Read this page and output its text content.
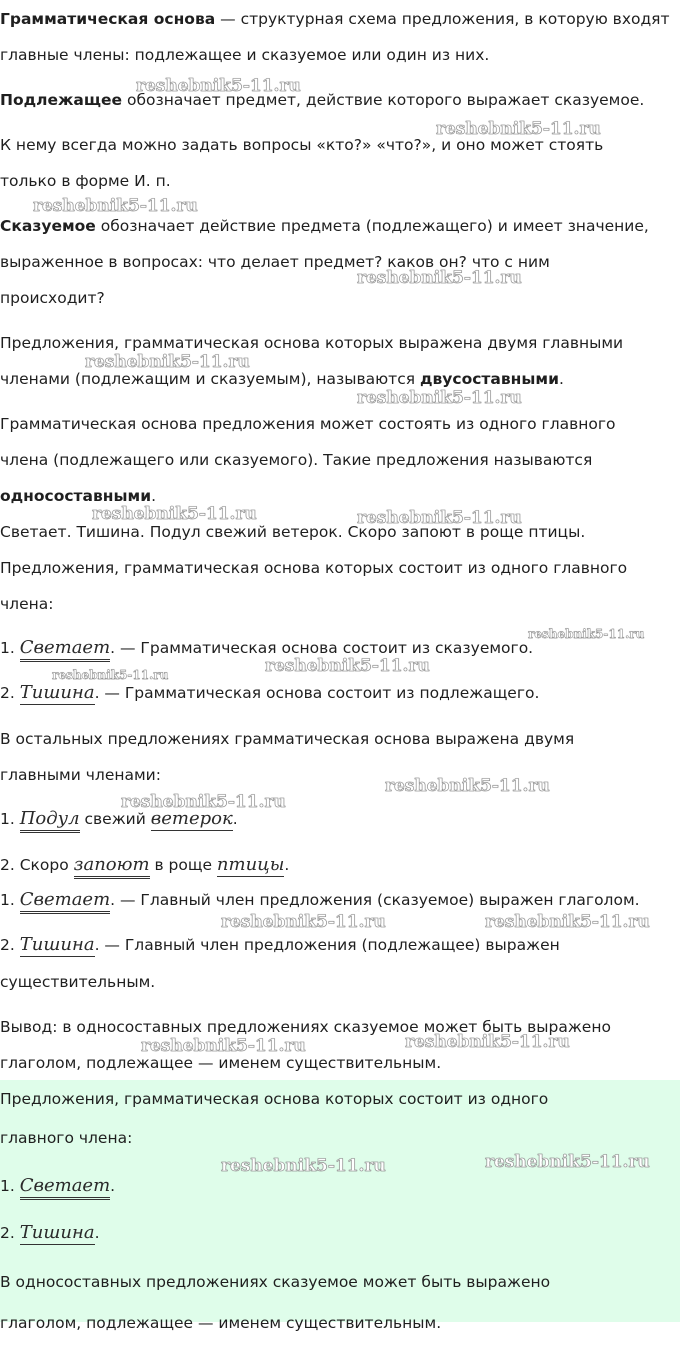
Грамматическая основа — структурная схема предложения, в которую входят
главные члены: подлежащее и сказуемое или один из них.
Подлежащее обозначает предмет, действие которого выражает сказуемое.
К нему всегда можно задать вопросы «кто?» «что?», и оно может стоять
только в форме И. п.
Сказуемое обозначает действие предмета (подлежащего) и имеет значение,
выраженное в вопросах: что делает предмет? каков он? что с ним
происходит?
Предложения, грамматическая основа которых выражена двумя главными
членами (подлежащим и сказуемым), называются двусоставными.
Грамматическая основа предложения может состоять из одного главного
члена (подлежащего или сказуемого). Такие предложения называются
односоставными.
Светает. Тишина. Подул свежий ветерок. Скоро запоют в роще птицы.
Предложения, грамматическая основа которых состоит из одного главного
члена:
1. Светает. — Грамматическая основа состоит из сказуемого.
2. Тишина. — Грамматическая основа состоит из подлежащего.
В остальных предложениях грамматическая основа выражена двумя
главными членами:
1. Подул свежий ветерок.
2. Скоро запоют в роще птицы.
1. Светает. — Главный член предложения (сказуемое) выражен глаголом.
2. Тишина. — Главный член предложения (подлежащее) выражен
существительным.
Вывод: в односоставных предложениях сказуемое может быть выражено
глаголом, подлежащее — именем существительным.
Предложения, грамматическая основа которых состоит из одного
главного члена:
1. Светает.
2. Тишина.
В односоставных предложениях сказуемое может быть выражено
глаголом, подлежащее — именем существительным.
reshebnik5-11.ru
reshebnik5-11.ru
reshebnik5-11.ru
reshebnik5-11.ru
reshebnik5-11.ru
reshebnik5-11.ru
reshebnik5-11.ru	reshebnik5-11.ru
reshebnik5-11.ru
reshebnik5-11.ru
reshebnik5-11.ru
reshebnik5-11.ru
reshebnik5-11.ru
reshebnik5-11.ru	reshebnik5-11.ru
reshebnik5-11.ru
reshebnik5-11.ru
reshebnik5-11.ru	reshebnik5-11.ru
